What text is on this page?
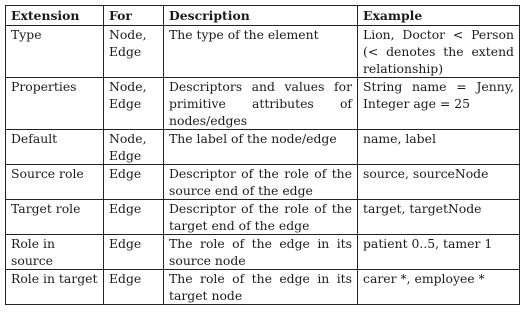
Extension	For	Description	Example
Type	Node, Edge	The type of the element	Lion, Doctor < Person (< denotes the extend relationship)
Properties	Node, Edge	Descriptors and values for primitive attributes of nodes/edges	String name = Jenny, Integer age = 25
Default	Node, Edge	The label of the node/edge	name, label
Source role	Edge	Descriptor of the role of the source end of the edge	source, sourceNode
Target role	Edge	Descriptor of the role of the target end of the edge	target, targetNode
Role in source	Edge	The role of the edge in its source node	patient 0..5, tamer 1
Role in target	Edge	The role of the edge in its target node	carer *, employee *
